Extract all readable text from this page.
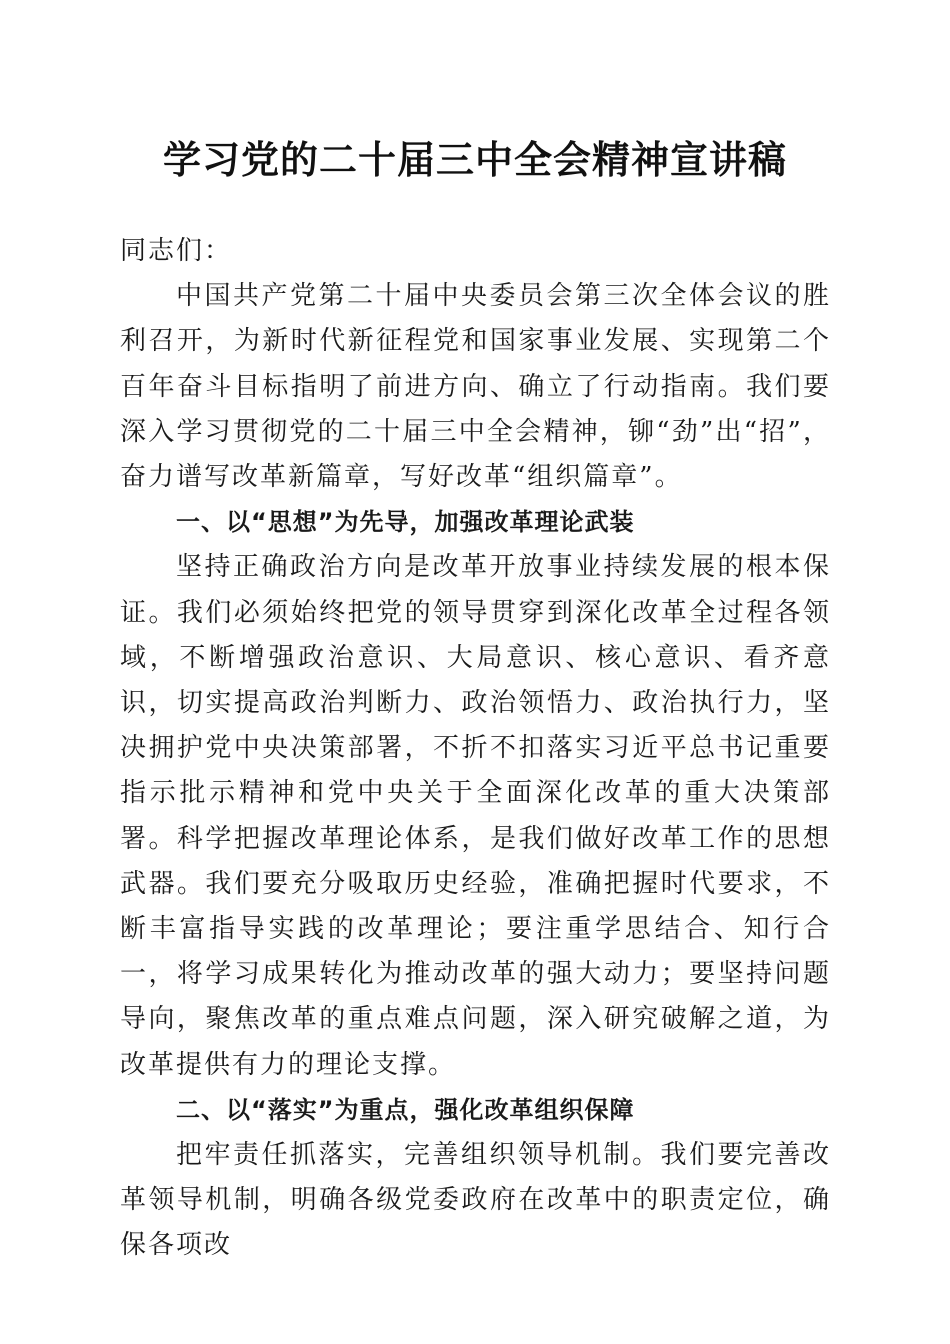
学习党的二十届三中全会精神宣讲稿

同志们：

中国共产党第二十届中央委员会第三次全体会议的胜利召开，为新时代新征程党和国家事业发展、实现第二个百年奋斗目标指明了前进方向、确立了行动指南。我们要深入学习贯彻党的二十届三中全会精神，铆“劲”出“招”，奋力谱写改革新篇章，写好改革“组织篇章”。

一、以“思想”为先导，加强改革理论武装

坚持正确政治方向是改革开放事业持续发展的根本保证。我们必须始终把党的领导贯穿到深化改革全过程各领域，不断增强政治意识、大局意识、核心意识、看齐意识，切实提高政治判断力、政治领悟力、政治执行力，坚决拥护党中央决策部署，不折不扣落实习近平总书记重要指示批示精神和党中央关于全面深化改革的重大决策部署。科学把握改革理论体系，是我们做好改革工作的思想武器。我们要充分吸取历史经验，准确把握时代要求，不断丰富指导实践的改革理论；要注重学思结合、知行合一，将学习成果转化为推动改革的强大动力；要坚持问题导向，聚焦改革的重点难点问题，深入研究破解之道，为改革提供有力的理论支撑。

二、以“落实”为重点，强化改革组织保障

把牢责任抓落实，完善组织领导机制。我们要完善改革领导机制，明确各级党委政府在改革中的职责定位，确保各项改
